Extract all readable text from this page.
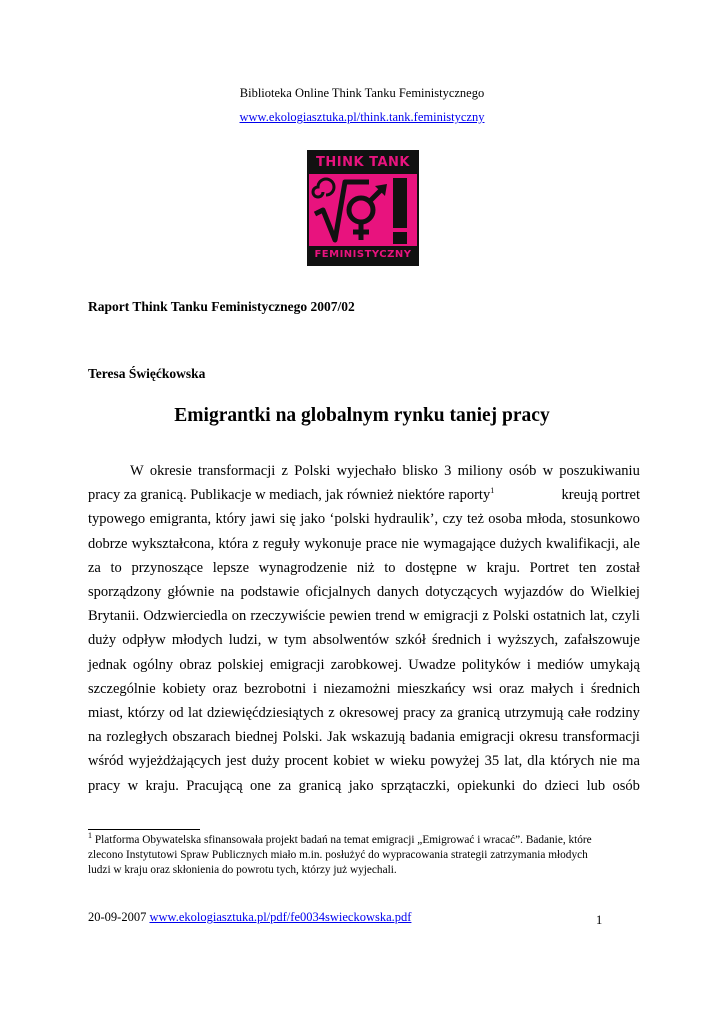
Biblioteka Online Think Tanku Feministycznego
www.ekologiasztuka.pl/think.tank.feministyczny
THINK TANK
FEMINISTYCZNY
Raport Think Tanku Feministycznego 2007/02
Teresa Święćkowska
Emigrantki na globalnym rynku taniej pracy
W okresie transformacji z Polski wyjechało blisko 3 miliony osób w poszukiwaniu
pracy za granicą. Publikacje w mediach, jak również niektóre raporty$^1$	kreują portret
typowego emigranta, który jawi się jako ‘polski hydraulik’, czy też osoba młoda, stosunkowo
dobrze wykształcona, która z reguły wykonuje prace nie wymagające dużych kwalifikacji, ale
za to przynoszące lepsze wynagrodzenie niż to dostępne w kraju. Portret ten został
sporządzony głównie na podstawie oficjalnych danych dotyczących wyjazdów do Wielkiej
Brytanii. Odzwierciedla on rzeczywiście pewien trend w emigracji z Polski ostatnich lat, czyli
duży odpływ młodych ludzi, w tym absolwentów szkół średnich i wyższych, zafałszowuje
jednak ogólny obraz polskiej emigracji zarobkowej. Uwadze polityków i mediów umykają
szczególnie kobiety oraz bezrobotni i niezamożni mieszkańcy wsi oraz małych i średnich
miast, którzy od lat dziewięćdziesiątych z okresowej pracy za granicą utrzymują całe rodziny
na rozległych obszarach biednej Polski. Jak wskazują badania emigracji okresu transformacji
wśród wyjeżdżających jest duży procent kobiet w wieku powyżej 35 lat, dla których nie ma
pracy w kraju. Pracującą one za granicą jako sprzątaczki, opiekunki do dzieci lub osób
$^1$ Platforma Obywatelska sfinansowała projekt badań na temat emigracji „Emigrować i wracać”. Badanie, które
zlecono Instytutowi Spraw Publicznych miało m.in. posłużyć do wypracowania strategii zatrzymania młodych
ludzi w kraju oraz skłonienia do powrotu tych, którzy już wyjechali.
20-09-2007 www.ekologiasztuka.pl/pdf/fe0034swieckowska.pdf	1
